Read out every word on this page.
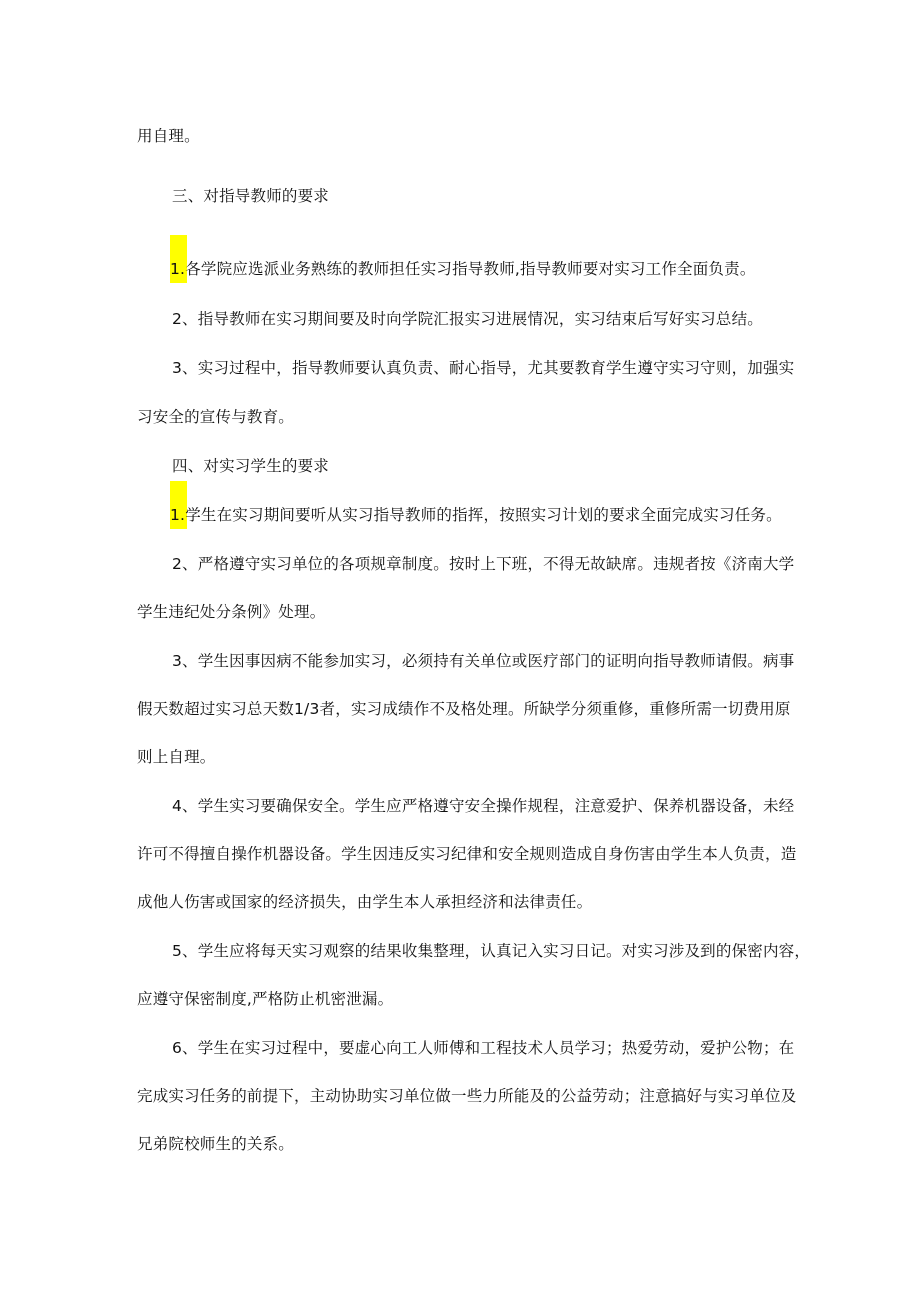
用自理。
三、对指导教师的要求
1.各学院应选派业务熟练的教师担任实习指导教师,指导教师要对实习工作全面负责。
2、指导教师在实习期间要及时向学院汇报实习进展情况，实习结束后写好实习总结。
3、实习过程中，指导教师要认真负责、耐心指导，尤其要教育学生遵守实习守则，加强实
习安全的宣传与教育。
四、对实习学生的要求
1.学生在实习期间要听从实习指导教师的指挥，按照实习计划的要求全面完成实习任务。
2、严格遵守实习单位的各项规章制度。按时上下班，不得无故缺席。违规者按《济南大学
学生违纪处分条例》处理。
3、学生因事因病不能参加实习，必须持有关单位或医疗部门的证明向指导教师请假。病事
假天数超过实习总天数1/3者，实习成绩作不及格处理。所缺学分须重修，重修所需一切费用原
则上自理。
4、学生实习要确保安全。学生应严格遵守安全操作规程，注意爱护、保养机器设备，未经
许可不得擅自操作机器设备。学生因违反实习纪律和安全规则造成自身伤害由学生本人负责，造
成他人伤害或国家的经济损失，由学生本人承担经济和法律责任。
5、学生应将每天实习观察的结果收集整理，认真记入实习日记。对实习涉及到的保密内容，
应遵守保密制度,严格防止机密泄漏。
6、学生在实习过程中，要虚心向工人师傅和工程技术人员学习；热爱劳动，爱护公物；在
完成实习任务的前提下，主动协助实习单位做一些力所能及的公益劳动；注意搞好与实习单位及
兄弟院校师生的关系。
